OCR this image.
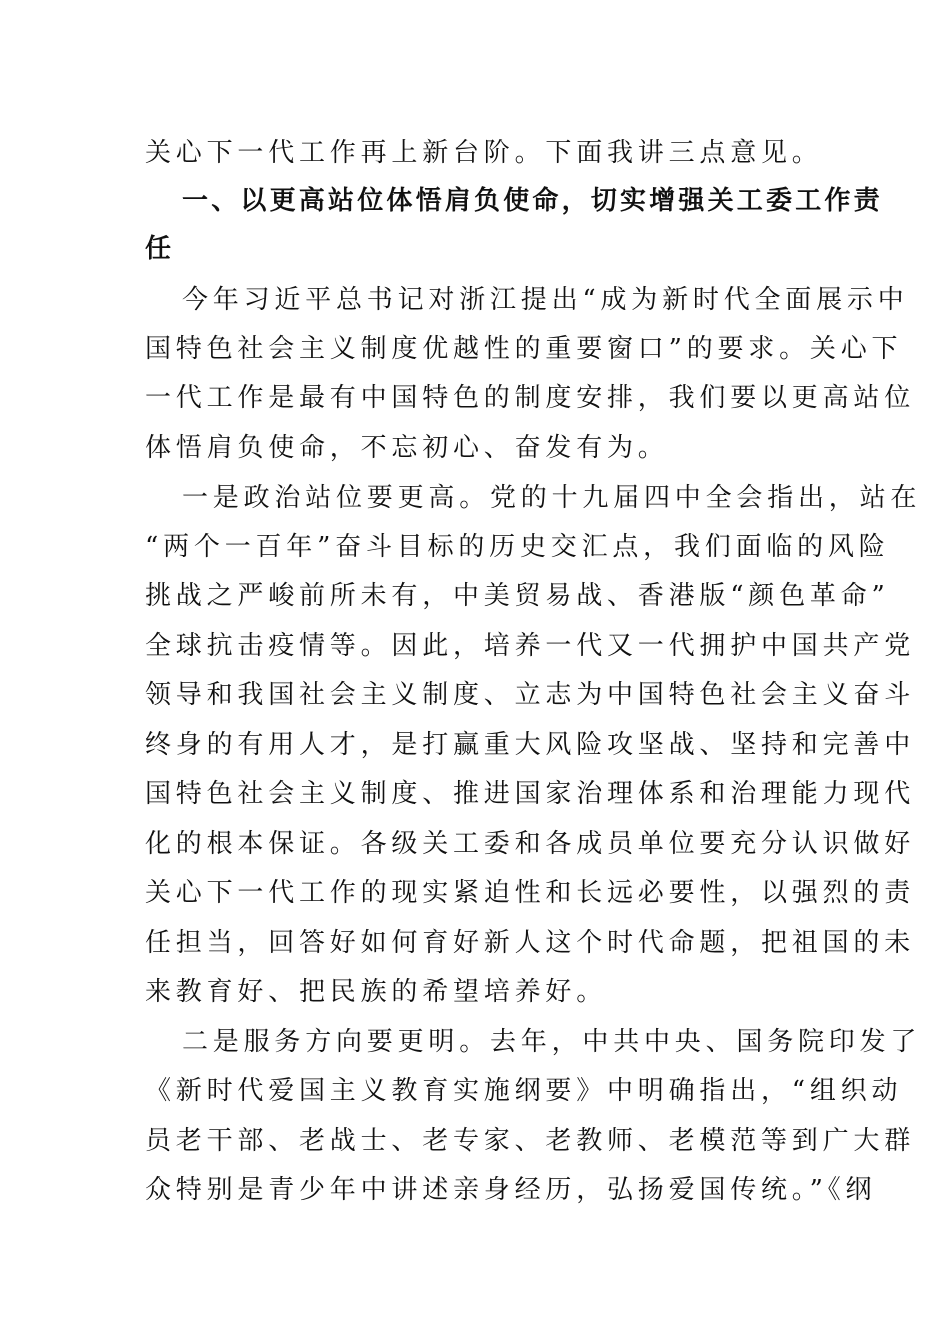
关心下一代工作再上新台阶。下面我讲三点意见。
一、以更高站位体悟肩负使命，切实增强关工委工作责
任
今年习近平总书记对浙江提出“成为新时代全面展示中
国特色社会主义制度优越性的重要窗口”的要求。关心下
一代工作是最有中国特色的制度安排，我们要以更高站位
体悟肩负使命，不忘初心、奋发有为。
一是政治站位要更高。党的十九届四中全会指出，站在
“两个一百年”奋斗目标的历史交汇点，我们面临的风险
挑战之严峻前所未有，中美贸易战、香港版“颜色革命”
全球抗击疫情等。因此，培养一代又一代拥护中国共产党
领导和我国社会主义制度、立志为中国特色社会主义奋斗
终身的有用人才，是打赢重大风险攻坚战、坚持和完善中
国特色社会主义制度、推进国家治理体系和治理能力现代
化的根本保证。各级关工委和各成员单位要充分认识做好
关心下一代工作的现实紧迫性和长远必要性，以强烈的责
任担当，回答好如何育好新人这个时代命题，把祖国的未
来教育好、把民族的希望培养好。
二是服务方向要更明。去年，中共中央、国务院印发了
《新时代爱国主义教育实施纲要》中明确指出，“组织动
员老干部、老战士、老专家、老教师、老模范等到广大群
众特别是青少年中讲述亲身经历，弘扬爱国传统。”《纲
